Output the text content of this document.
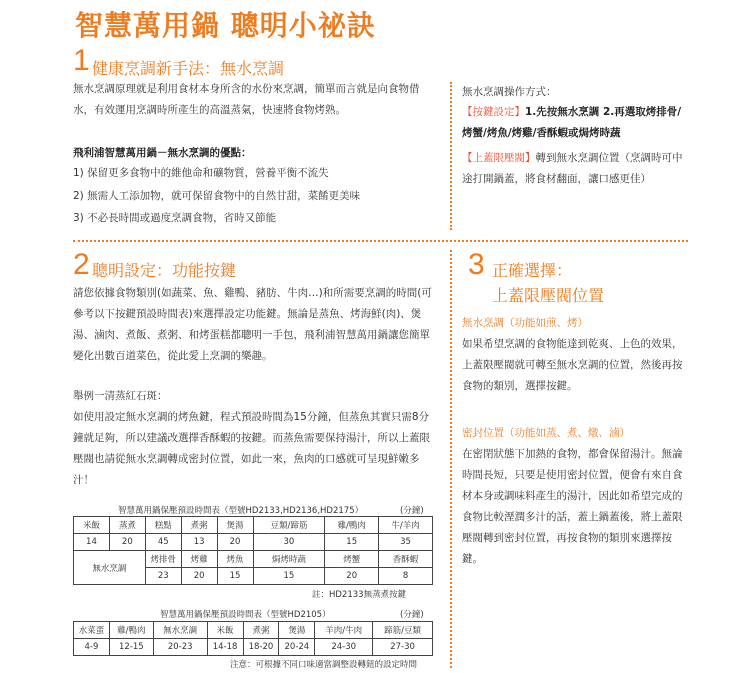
智慧萬用鍋 聰明小祕訣
1 健康烹調新手法：無水烹調
無水烹調原理就是利用食材本身所含的水份來烹調，簡單而言就是向食物借水，有效運用烹調時所產生的高溫蒸氣，快速將食物烤熟。
飛利浦智慧萬用鍋－無水烹調的優點：
1) 保留更多食物中的維他命和礦物質，營養平衡不流失
2) 無需人工添加物，就可保留食物中的自然甘甜，菜餚更美味
3) 不必長時間或過度烹調食物，省時又節能
無水烹調操作方式：
【按鍵設定】1.先按無水烹調 2.再選取烤排骨/烤蟹/烤魚/烤雞/香酥蝦或焗烤時蔬
【上蓋限壓閥】轉到無水烹調位置（烹調時可中途打開鍋蓋，將食材翻面，讓口感更佳）
2 聰明設定：功能按鍵
請您依據食物類別(如蔬菜、魚、雞鴨、豬肪、牛肉…)和所需要烹調的時間(可參考以下按鍵預設時間表)來選擇設定功能鍵。無論是蒸魚、烤海鮮(肉)、煲湯、滷肉、煮飯、煮粥、和烤蛋糕都聰明一手包，飛利浦智慧萬用鍋讓您簡單變化出數百道菜色，從此愛上烹調的樂趣。
舉例一清蒸紅石斑：
如使用設定無水烹調的烤魚鍵，程式預設時間為15分鐘，但蒸魚其實只需8分鐘就足夠，所以建議改選擇香酥蝦的按鍵。而蒸魚需要保持湯汁，所以上蓋限壓閥也請從無水烹調轉成密封位置，如此一來，魚肉的口感就可呈現鮮嫩多汁！
智慧萬用鍋保壓預設時間表（型號HD2133,HD2136,HD2175）	(分鐘)
米飯	蒸煮	糕點	煮粥	煲湯	豆類/蹄筋	雞/鴨肉	牛/羊肉
14	20	45	13	20	30	15	35
無水烹調		烤排骨	烤雞	烤魚	焗烤時蔬	烤蟹	香酥蝦
		23	20	15	15	20	8
註：HD2133無蒸煮按鍵
智慧萬用鍋保壓預設時間表（型號HD2105）	(分鐘)
水菜蛋	雞/鴨肉	無水烹調	米飯	煮粥	煲湯	羊肉/牛肉	蹄筋/豆類
4-9	12-15	20-23	14-18	18-20	20-24	24-30	27-30
注意：可根據不同口味適當調整設轉鈕的設定時間
3 正確選擇：
上蓋限壓閥位置
無水烹調（功能如煎、烤）
如果希望烹調的食物能達到乾爽、上色的效果，上蓋限壓閥就可轉至無水烹調的位置，然後再按食物的類別，選擇按鍵。
密封位置（功能如蒸、煮、燉、滷）
在密閉狀態下加熱的食物，都會保留湯汁。無論時間長短，只要是使用密封位置，便會有來自食材本身或調味料產生的湯汁，因此如希望完成的食物比較溼潤多汁的話，蓋上鍋蓋後，將上蓋限壓閥轉到密封位置，再按食物的類別來選擇按鍵。
